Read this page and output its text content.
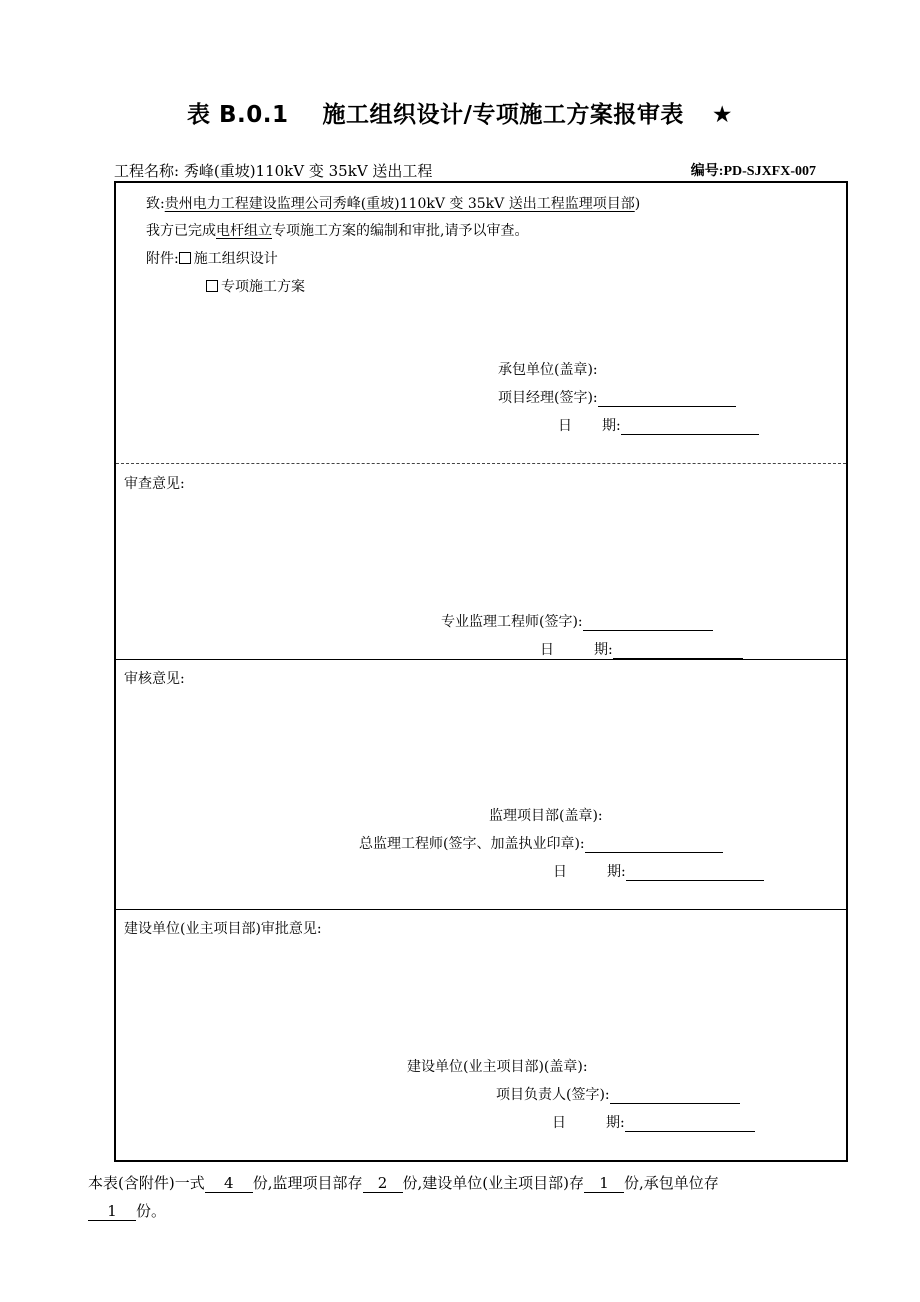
表 B.0.1 施工组织设计/专项施工方案报审表 ★
工程名称: 秀峰(重坡)110kV 变 35kV 送出工程	编号:PD-SJXFX-007
致:贵州电力工程建设监理公司秀峰(重坡)110kV 变 35kV 送出工程监理项目部)
我方已完成电杆组立专项施工方案的编制和审批,请予以审查。
附件: 施工组织设计
专项施工方案
承包单位(盖章):
项目经理(签字):
日 期:
审查意见:
专业监理工程师(签字):
日	期:
审核意见:
监理项目部(盖章):
总监理工程师(签字、加盖执业印章):
日	期:
建设单位(业主项目部)审批意见:
建设单位(业主项目部)(盖章):
项目负责人(签字):
日	期:
本表(含附件)一式 4 份,监理项目部存 2 份,建设单位(业主项目部)存 1 份,承包单位存
1 份。
